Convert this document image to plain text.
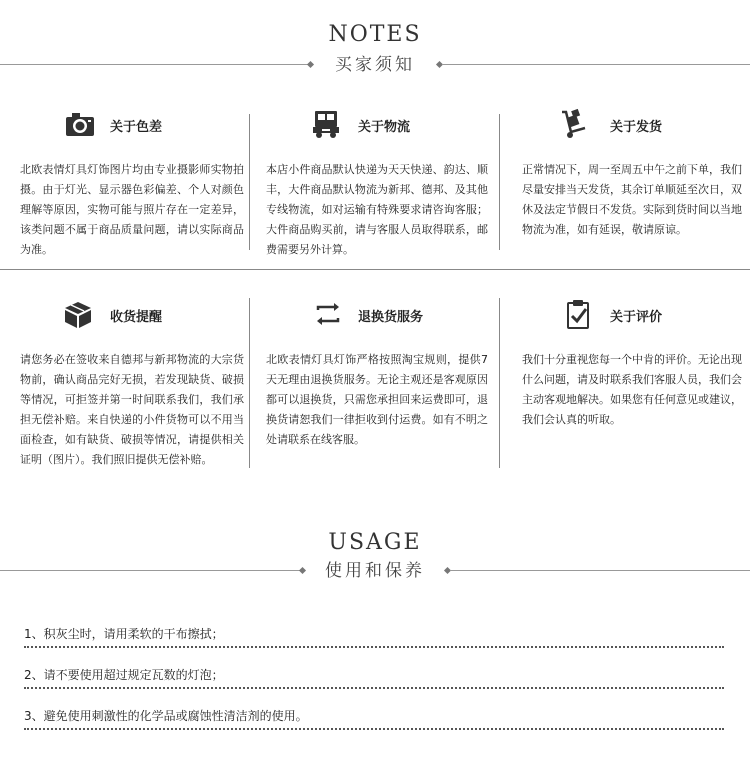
NOTES
买家须知
关于色差
北欧表情灯具灯饰图片均由专业摄影师实物拍摄。由于灯光、显示器色彩偏差、个人对颜色理解等原因，实物可能与照片存在一定差异，该类问题不属于商品质量问题，请以实际商品为准。
关于物流
本店小件商品默认快递为天天快递、韵达、顺丰，大件商品默认物流为新邦、德邦、及其他专线物流，如对运输有特殊要求请咨询客服；大件商品购买前，请与客服人员取得联系，邮费需要另外计算。
关于发货
正常情况下，周一至周五中午之前下单，我们尽量安排当天发货，其余订单顺延至次日，双休及法定节假日不发货。实际到货时间以当地物流为准，如有延误，敬请原谅。
收货提醒
请您务必在签收来自德邦与新邦物流的大宗货物前，确认商品完好无损，若发现缺货、破损等情况，可拒签并第一时间联系我们，我们承担无偿补赔。来自快递的小件货物可以不用当面检查，如有缺货、破损等情况，请提供相关证明（图片）。我们照旧提供无偿补赔。
退换货服务
北欧表情灯具灯饰严格按照淘宝规则，提供7天无理由退换货服务。无论主观还是客观原因都可以退换货，只需您承担回来运费即可，退换货请恕我们一律拒收到付运费。如有不明之处请联系在线客服。
关于评价
我们十分重视您每一个中肯的评价。无论出现什么问题，请及时联系我们客服人员，我们会主动客观地解决。如果您有任何意见或建议，我们会认真的听取。
USAGE
使用和保养
1、积灰尘时，请用柔软的干布擦拭；
2、请不要使用超过规定瓦数的灯泡；
3、避免使用刺激性的化学品或腐蚀性清洁剂的使用。
